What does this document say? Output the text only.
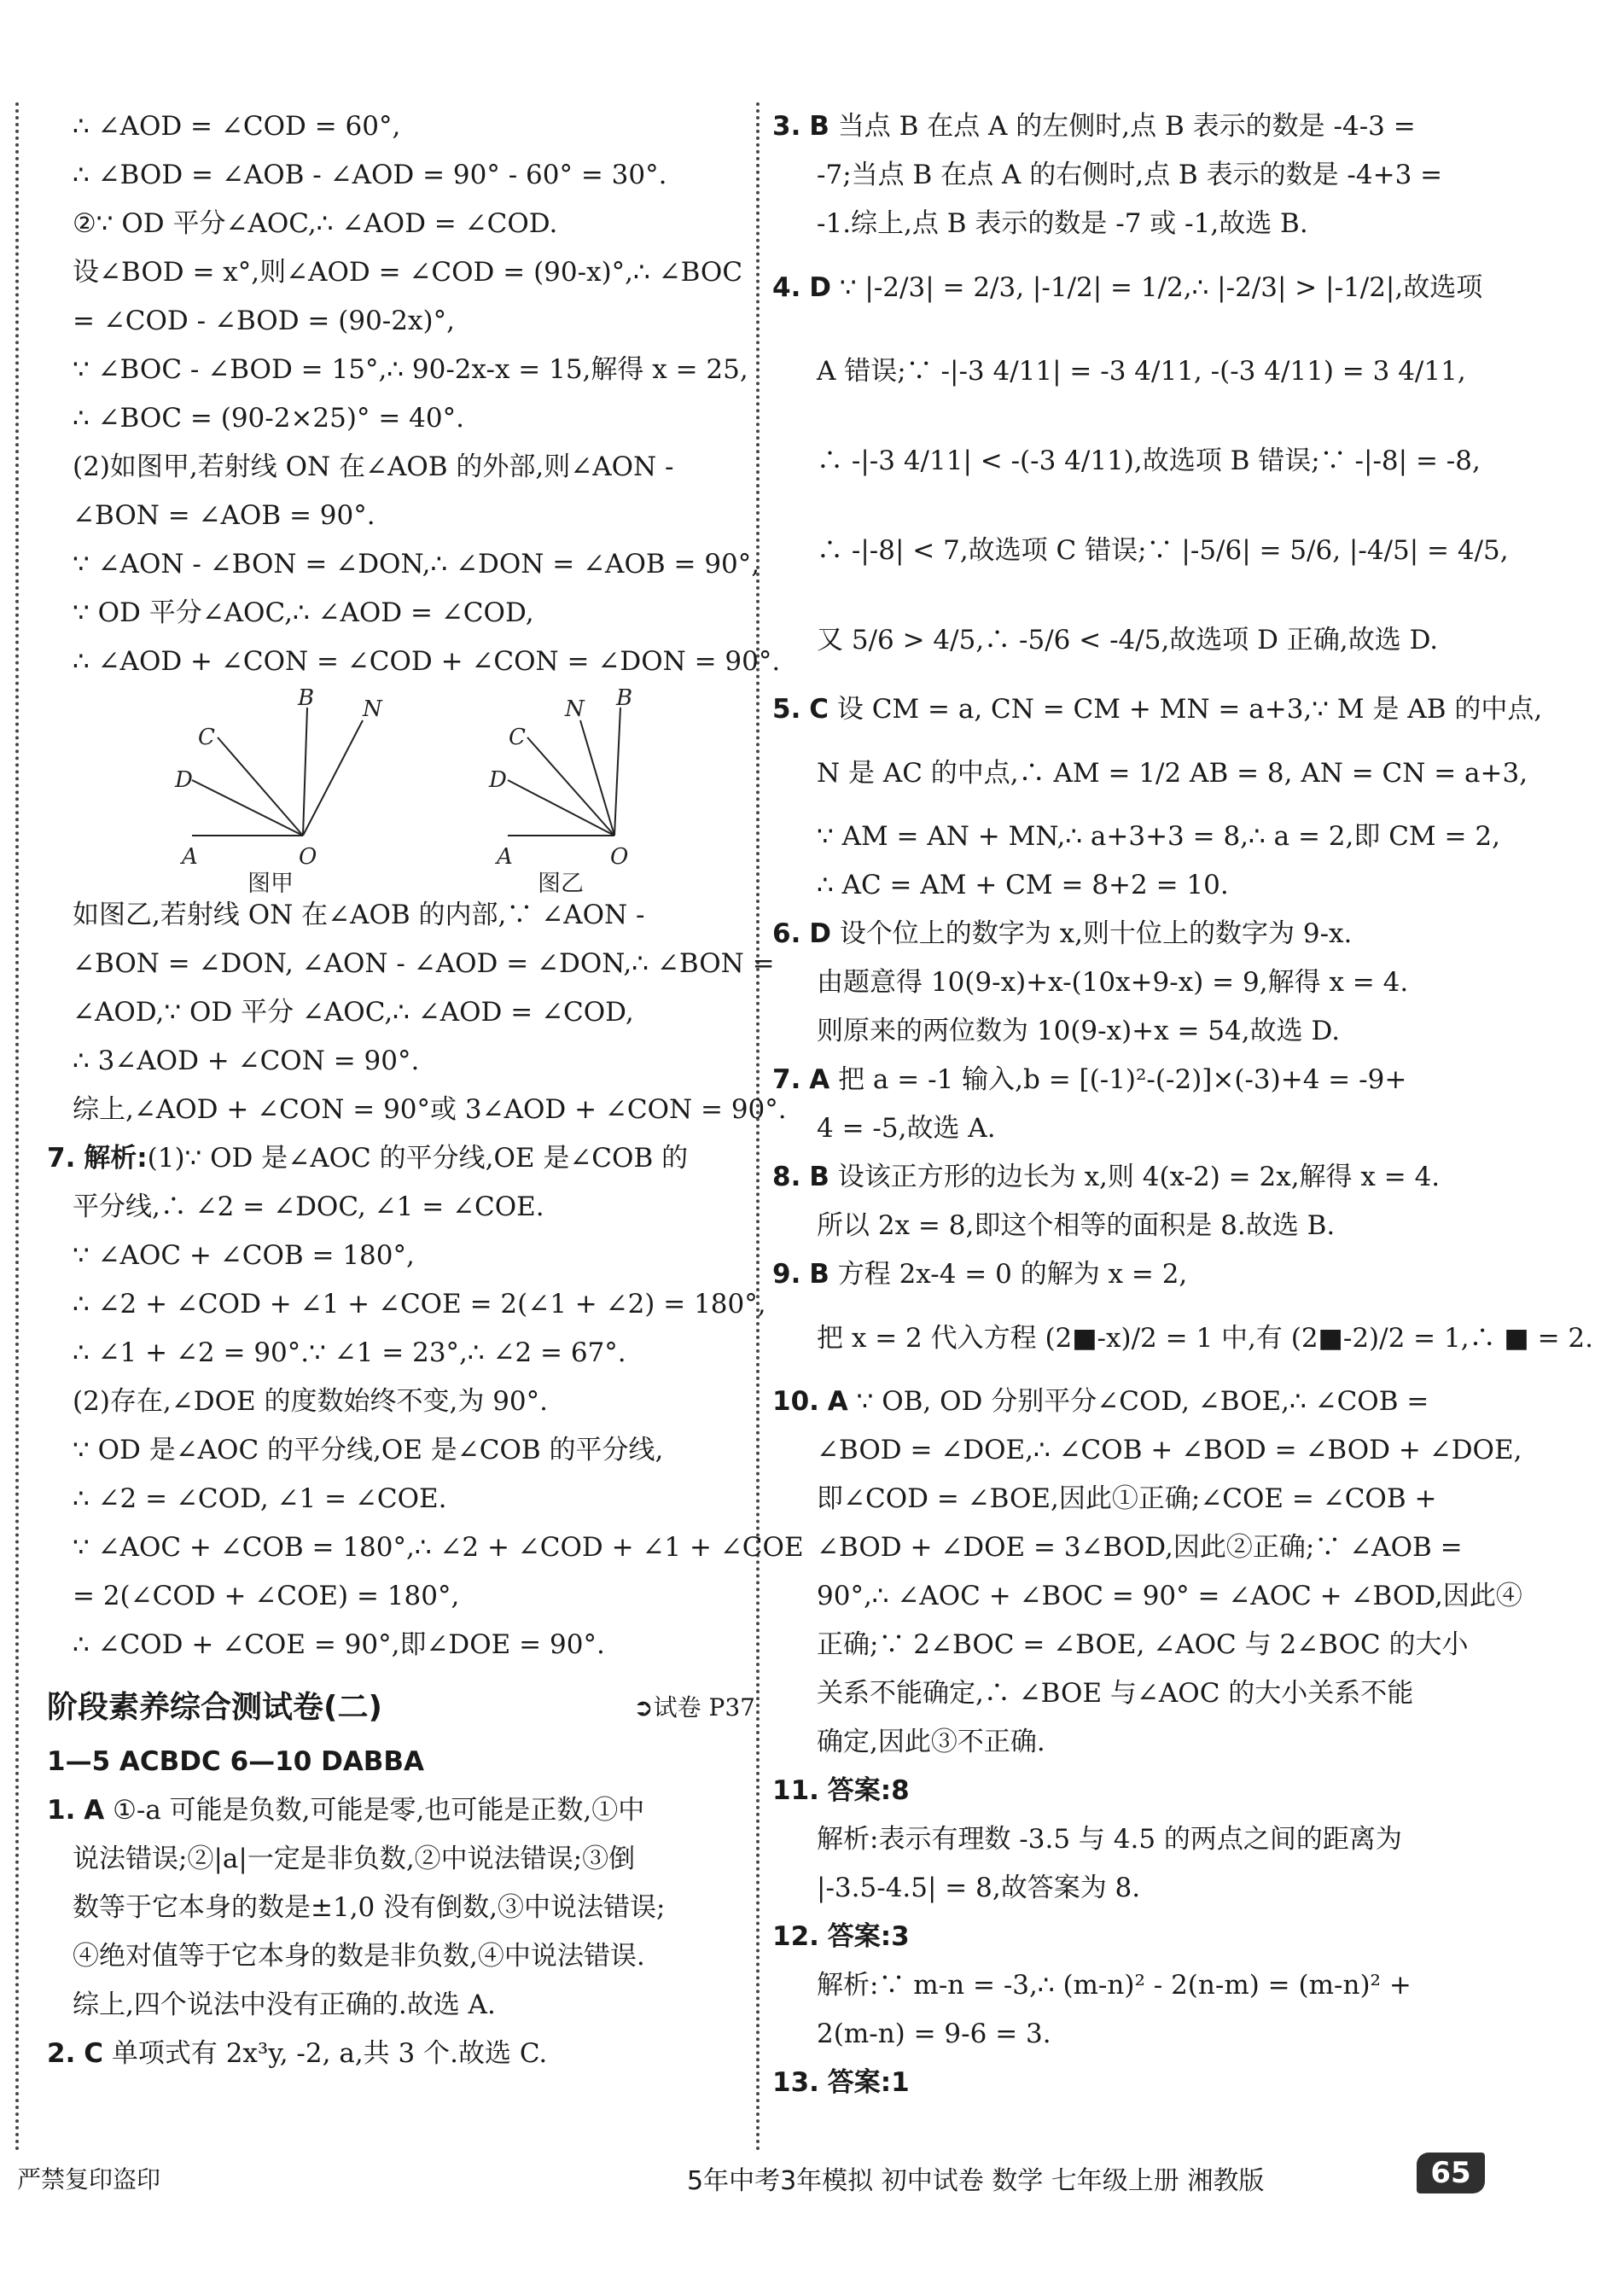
∴ ∠AOD = ∠COD = 60°,
∴ ∠BOD = ∠AOB - ∠AOD = 90° - 60° = 30°.
②∵ OD 平分∠AOC,∴ ∠AOD = ∠COD.
设∠BOD = x°,则∠AOD = ∠COD = (90-x)°,∴ ∠BOC
= ∠COD - ∠BOD = (90-2x)°,
∵ ∠BOC - ∠BOD = 15°,∴ 90-2x-x = 15,解得 x = 25,
∴ ∠BOC = (90-2×25)° = 40°.
(2)如图甲,若射线 ON 在∠AOB 的外部,则∠AON -
∠BON = ∠AOB = 90°.
∵ ∠AON - ∠BON = ∠DON,∴ ∠DON = ∠AOB = 90°,
∵ OD 平分∠AOC,∴ ∠AOD = ∠COD,
∴ ∠AOD + ∠CON = ∠COD + ∠CON = ∠DON = 90°.
A	O
B N
C
D
图甲
A	O
B
N
C
D
图乙
如图乙,若射线 ON 在∠AOB 的内部,∵ ∠AON -
∠BON = ∠DON, ∠AON - ∠AOD = ∠DON,∴ ∠BON =
∠AOD,∵ OD 平分 ∠AOC,∴ ∠AOD = ∠COD,
∴ 3∠AOD + ∠CON = 90°.
综上,∠AOD + ∠CON = 90°或 3∠AOD + ∠CON = 90°.
7. 解析:(1)∵ OD 是∠AOC 的平分线,OE 是∠COB 的
平分线,∴ ∠2 = ∠DOC, ∠1 = ∠COE.
∵ ∠AOC + ∠COB = 180°,
∴ ∠2 + ∠COD + ∠1 + ∠COE = 2(∠1 + ∠2) = 180°,
∴ ∠1 + ∠2 = 90°.∵ ∠1 = 23°,∴ ∠2 = 67°.
(2)存在,∠DOE 的度数始终不变,为 90°.
∵ OD 是∠AOC 的平分线,OE 是∠COB 的平分线,
∴ ∠2 = ∠COD, ∠1 = ∠COE.
∵ ∠AOC + ∠COB = 180°,∴ ∠2 + ∠COD + ∠1 + ∠COE
= 2(∠COD + ∠COE) = 180°,
∴ ∠COD + ∠COE = 90°,即∠DOE = 90°.
阶段素养综合测试卷(二)	➲试卷 P37
1—5 ACBDC 6—10 DABBA
1. A ①-a 可能是负数,可能是零,也可能是正数,①中
说法错误;②|a|一定是非负数,②中说法错误;③倒
数等于它本身的数是±1,0 没有倒数,③中说法错误;
④绝对值等于它本身的数是非负数,④中说法错误.
综上,四个说法中没有正确的.故选 A.
2. C 单项式有 2x³y, -2, a,共 3 个.故选 C.
3. B 当点 B 在点 A 的左侧时,点 B 表示的数是 -4-3 =
-7;当点 B 在点 A 的右侧时,点 B 表示的数是 -4+3 =
-1.综上,点 B 表示的数是 -7 或 -1,故选 B.
4. D ∵ |-2/3| = 2/3, |-1/2| = 1/2,∴ |-2/3| > |-1/2|,故选项
A 错误;∵ -|-3 4/11| = -3 4/11, -(-3 4/11) = 3 4/11,
∴ -|-3 4/11| < -(-3 4/11),故选项 B 错误;∵ -|-8| = -8,
∴ -|-8| < 7,故选项 C 错误;∵ |-5/6| = 5/6, |-4/5| = 4/5,
又 5/6 > 4/5,∴ -5/6 < -4/5,故选项 D 正确,故选 D.
5. C 设 CM = a, CN = CM + MN = a+3,∵ M 是 AB 的中点,
N 是 AC 的中点,∴ AM = 1/2 AB = 8, AN = CN = a+3,
∵ AM = AN + MN,∴ a+3+3 = 8,∴ a = 2,即 CM = 2,
∴ AC = AM + CM = 8+2 = 10.
6. D 设个位上的数字为 x,则十位上的数字为 9-x.
由题意得 10(9-x)+x-(10x+9-x) = 9,解得 x = 4.
则原来的两位数为 10(9-x)+x = 54,故选 D.
7. A 把 a = -1 输入,b = [(-1)²-(-2)]×(-3)+4 = -9+
4 = -5,故选 A.
8. B 设该正方形的边长为 x,则 4(x-2) = 2x,解得 x = 4.
所以 2x = 8,即这个相等的面积是 8.故选 B.
9. B 方程 2x-4 = 0 的解为 x = 2,
把 x = 2 代入方程 (2■-x)/2 = 1 中,有 (2■-2)/2 = 1,∴ ■ = 2.
10. A ∵ OB, OD 分别平分∠COD, ∠BOE,∴ ∠COB =
∠BOD = ∠DOE,∴ ∠COB + ∠BOD = ∠BOD + ∠DOE,
即∠COD = ∠BOE,因此①正确;∠COE = ∠COB +
∠BOD + ∠DOE = 3∠BOD,因此②正确;∵ ∠AOB =
90°,∴ ∠AOC + ∠BOC = 90° = ∠AOC + ∠BOD,因此④
正确;∵ 2∠BOC = ∠BOE, ∠AOC 与 2∠BOC 的大小
关系不能确定,∴ ∠BOE 与∠AOC 的大小关系不能
确定,因此③不正确.
11. 答案:8
解析:表示有理数 -3.5 与 4.5 的两点之间的距离为
|-3.5-4.5| = 8,故答案为 8.
12. 答案:3
解析:∵ m-n = -3,∴ (m-n)² - 2(n-m) = (m-n)² +
2(m-n) = 9-6 = 3.
13. 答案:1
严禁复印盗印	5年中考3年模拟 初中试卷 数学 七年级上册 湘教版	65
